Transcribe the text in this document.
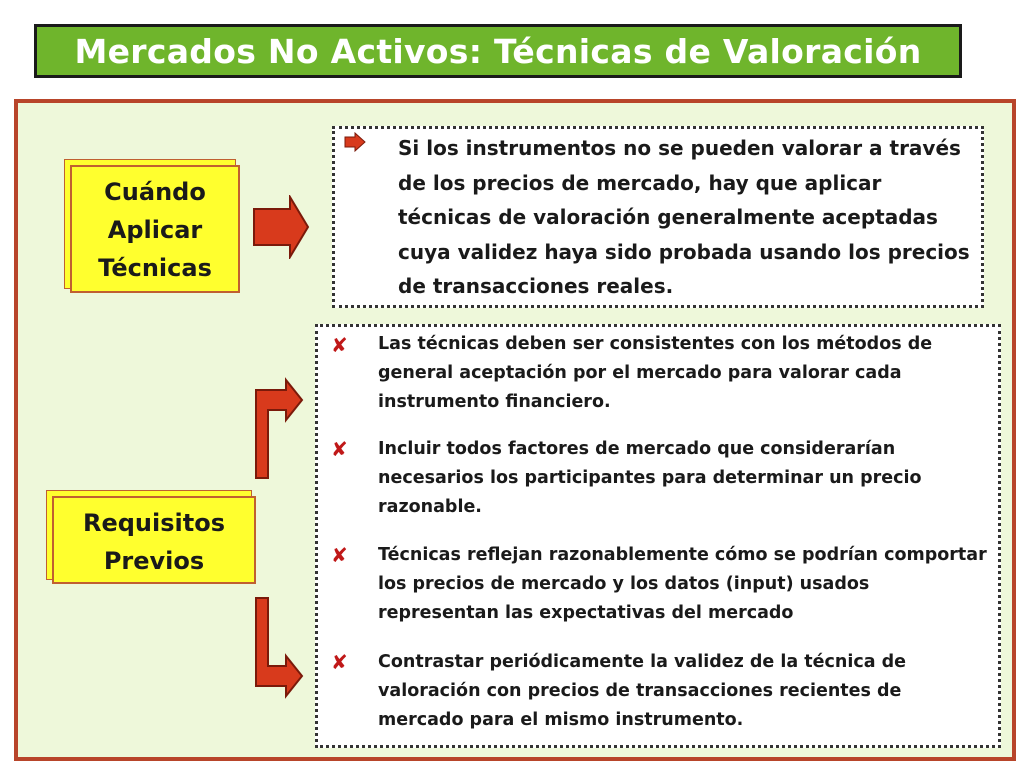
Mercados No Activos: Técnicas de Valoración
Cuándo
Aplicar
Técnicas
Requisitos
Previos
Si los instrumentos no se pueden valorar a través de los precios de mercado, hay que aplicar técnicas de valoración generalmente aceptadas cuya validez haya sido probada usando los precios de transacciones reales.
✘ Las técnicas deben ser consistentes con los métodos de general aceptación por el mercado para valorar cada instrumento financiero.
✘ Incluir todos factores de mercado que considerarían necesarios los participantes para determinar un precio razonable.
✘ Técnicas reflejan razonablemente cómo se podrían comportar los precios de mercado y los datos (input) usados representan las expectativas del mercado
✘ Contrastar periódicamente la validez de la técnica de valoración con precios de transacciones recientes de mercado para el mismo instrumento.
